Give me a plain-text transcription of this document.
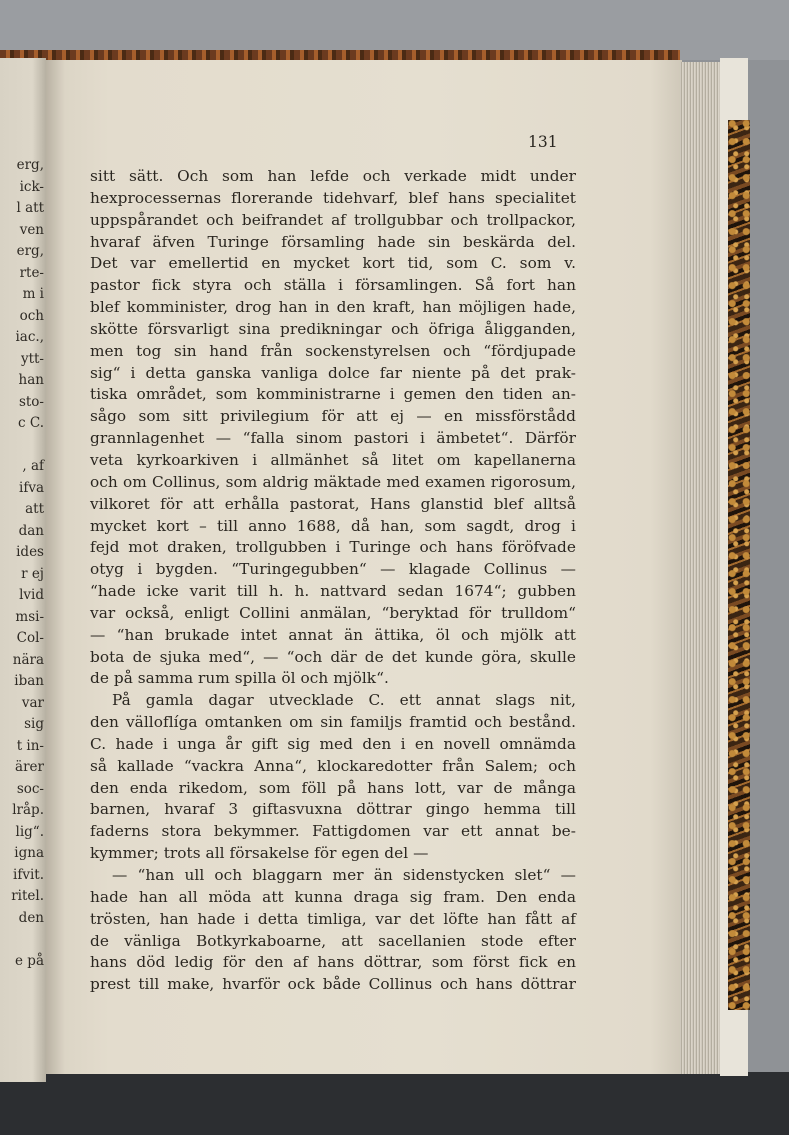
erg,
ick-
l att
ven
erg,
rte-
m i
och
iac.,
ytt-
han
sto-
c C.
, af
ifva
att
dan
ides
r ej
lvid
msi-
Col-
nära
iban
var
sig
t in-
ärer
soc-
lråp.
lig“.
igna
ifvit.
ritel.
den
e på
131
sitt sätt. Och som han lefde och verkade midt under
hexprocessernas florerande tidehvarf, blef hans specialitet
uppspårandet och beifrandet af trollgubbar och trollpackor,
hvaraf äfven Turinge församling hade sin beskärda del.
Det var emellertid en mycket kort tid, som C. som v.
pastor fick styra och ställa i församlingen. Så fort han
blef komminister, drog han in den kraft, han möjligen hade,
skötte försvarligt sina predikningar och öfriga åligganden,
men tog sin hand från sockenstyrelsen och “fördjupade
sig“ i detta ganska vanliga dolce far niente på det prak-
tiska området, som komministrarne i gemen den tiden an-
sågo som sitt privilegium för att ej — en missförstådd
grannlagenhet — “falla sinom pastori i ämbetet“. Därför
veta kyrkoarkiven i allmänhet så litet om kapellanerna
och om Collinus, som aldrig mäktade med examen rigorosum,
vilkoret för att erhålla pastorat, Hans glanstid blef alltså
mycket kort – till anno 1688, då han, som sagdt, drog i
fejd mot draken, trollgubben i Turinge och hans föröfvade
otyg i bygden. “Turingegubben“ — klagade Collinus —
“hade icke varit till h. h. nattvard sedan 1674“; gubben
var också, enligt Collini anmälan, “beryktad för trulldom“
— “han brukade intet annat än ättika, öl och mjölk att
bota de sjuka med“, — “och där de det kunde göra, skulle
de på samma rum spilla öl och mjölk“.
På gamla dagar utvecklade C. ett annat slags nit,
den välloflíga omtanken om sin familjs framtid och bestånd.
C. hade i unga år gift sig med den i en novell omnämda
så kallade “vackra Anna“, klockaredotter från Salem; och
den enda rikedom, som föll på hans lott, var de många
barnen, hvaraf 3 giftasvuxna döttrar gingo hemma till
faderns stora bekymmer. Fattigdomen var ett annat be-
kymmer; trots all försakelse för egen del —
— “han ull och blaggarn mer än sidenstycken slet“ —
hade han all möda att kunna draga sig fram. Den enda
trösten, han hade i detta timliga, var det löfte han fått af
de vänliga Botkyrkaboarne, att sacellanien stode efter
hans död ledig för den af hans döttrar, som först fick en
prest till make, hvarför ock både Collinus och hans döttrar
